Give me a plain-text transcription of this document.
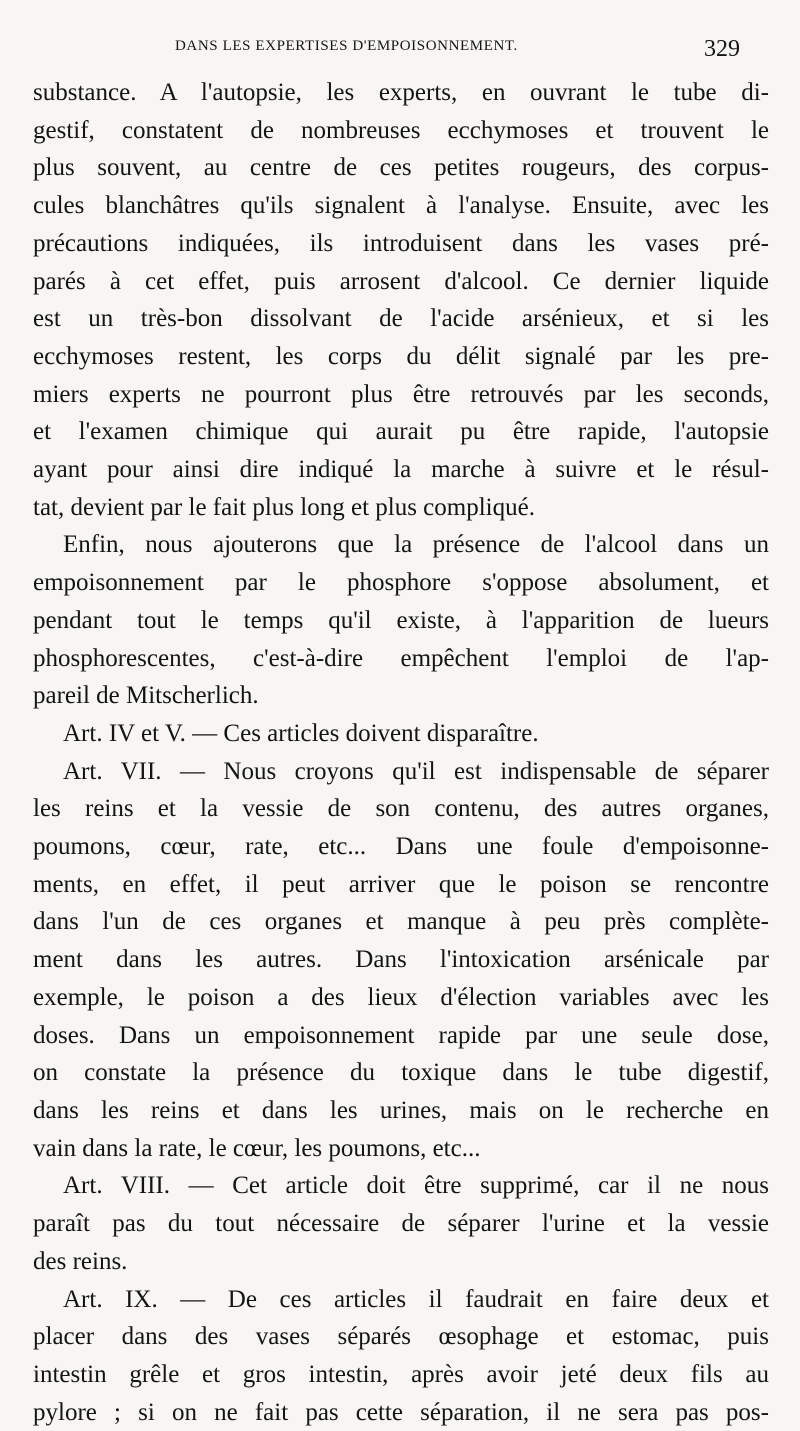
DANS LES EXPERTISES D'EMPOISONNEMENT.	329
substance. A l'autopsie, les experts, en ouvrant le tube di-
gestif, constatent de nombreuses ecchymoses et trouvent le
plus souvent, au centre de ces petites rougeurs, des corpus-
cules blanchâtres qu'ils signalent à l'analyse. Ensuite, avec les
précautions indiquées, ils introduisent dans les vases pré-
parés à cet effet, puis arrosent d'alcool. Ce dernier liquide
est un très-bon dissolvant de l'acide arsénieux, et si les
ecchymoses restent, les corps du délit signalé par les pre-
miers experts ne pourront plus être retrouvés par les seconds,
et l'examen chimique qui aurait pu être rapide, l'autopsie
ayant pour ainsi dire indiqué la marche à suivre et le résul-
tat, devient par le fait plus long et plus compliqué.
Enfin, nous ajouterons que la présence de l'alcool dans un
empoisonnement par le phosphore s'oppose absolument, et
pendant tout le temps qu'il existe, à l'apparition de lueurs
phosphorescentes, c'est-à-dire empêchent l'emploi de l'ap-
pareil de Mitscherlich.
Art. IV et V. — Ces articles doivent disparaître.
Art. VII. — Nous croyons qu'il est indispensable de séparer
les reins et la vessie de son contenu, des autres organes,
poumons, cœur, rate, etc... Dans une foule d'empoisonne-
ments, en effet, il peut arriver que le poison se rencontre
dans l'un de ces organes et manque à peu près complète-
ment dans les autres. Dans l'intoxication arsénicale par
exemple, le poison a des lieux d'élection variables avec les
doses. Dans un empoisonnement rapide par une seule dose,
on constate la présence du toxique dans le tube digestif,
dans les reins et dans les urines, mais on le recherche en
vain dans la rate, le cœur, les poumons, etc...
Art. VIII. — Cet article doit être supprimé, car il ne nous
paraît pas du tout nécessaire de séparer l'urine et la vessie
des reins.
Art. IX. — De ces articles il faudrait en faire deux et
placer dans des vases séparés œsophage et estomac, puis
intestin grêle et gros intestin, après avoir jeté deux fils au
pylore ; si on ne fait pas cette séparation, il ne sera pas pos-
